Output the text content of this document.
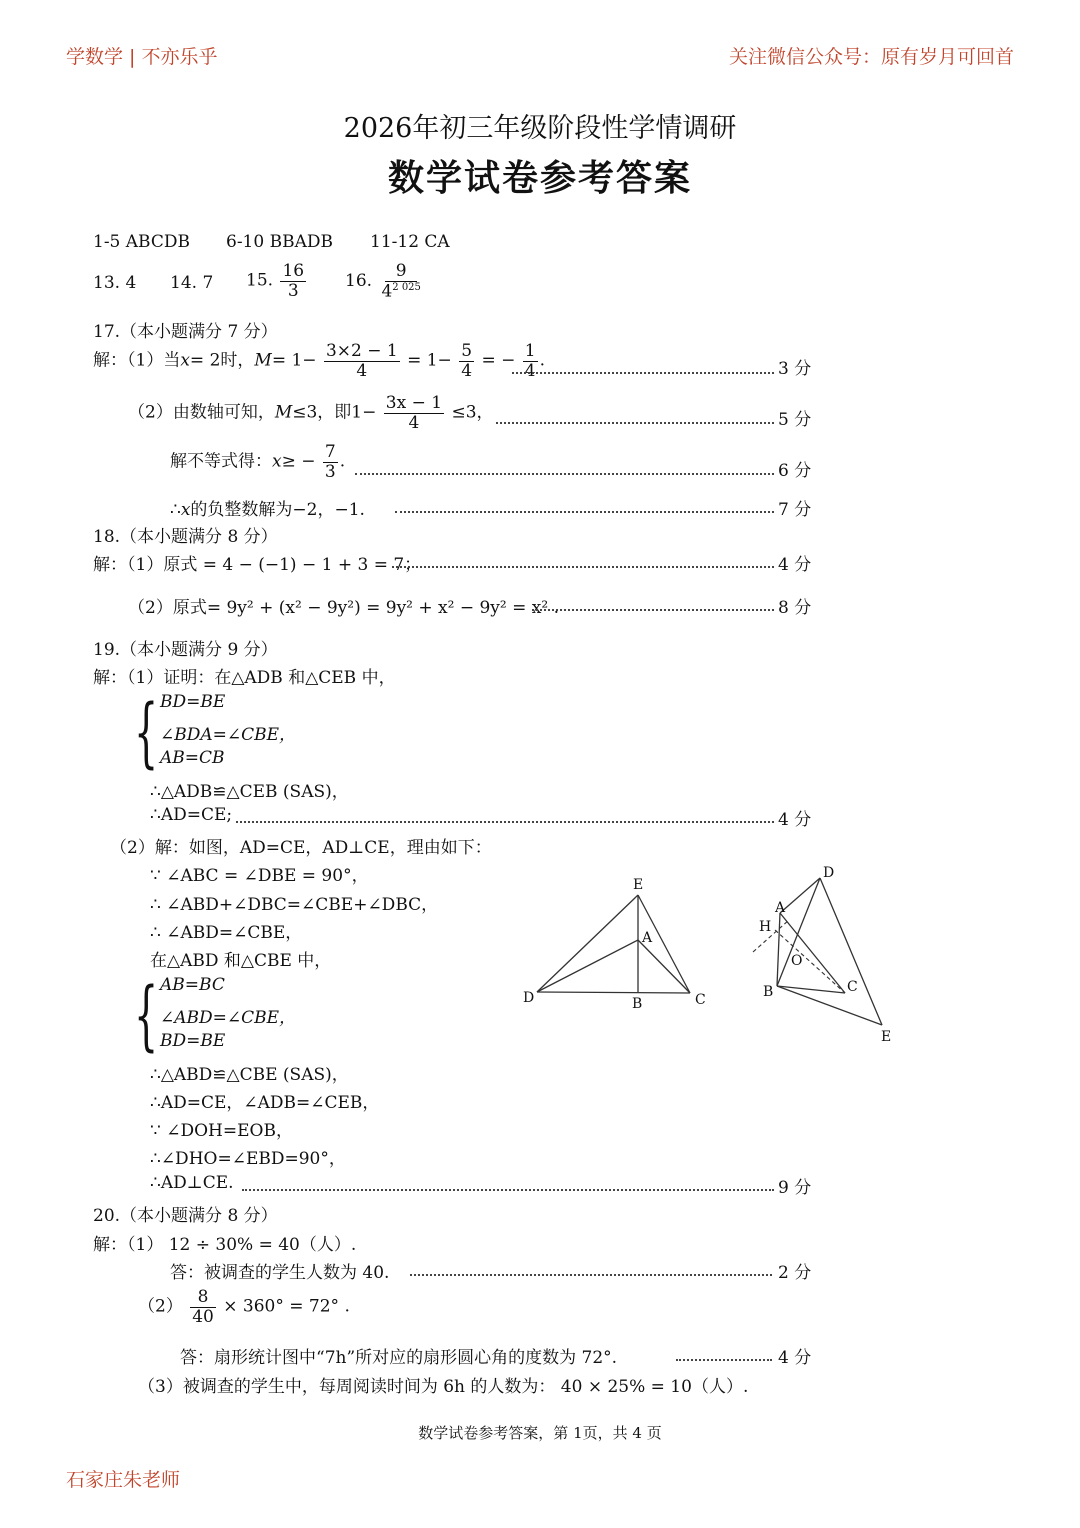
学数学 | 不亦乐乎	关注微信公众号：原有岁月可回首
2026年初三年级阶段性学情调研
数学试卷参考答案
1-5 ABCDB 6-10 BBADB 11-12 CA
13. 4 14. 7 15. $\frac{16}{3} 16$. $\frac{9}{4^{2 025}}$
17.（本小题满分 7 分）
解：（1）当x= 2时，$M= 1- \frac{3\times 2 - 1}{4} = 1- \frac{5}{4}$ = − $\frac{1}{4}$ .	3 分
（2）由数轴可知，M≤3，即$1- \frac{3x - 1}{4} \le 3$，	5 分
解不等式得：$x\ge - \frac{7}{3}$ .	6 分
∴x的负整数解为−2，−1.	7 分
18.（本小题满分 8 分）
解：（1）原式 = 4 − (−1) − 1 + 3 = 7；	4 分
（2）原式= 9y² + (x² − 9y²) = 9y² + x² − 9y² = x² .	8 分
19.（本小题满分 9 分）
解：（1）证明：在△ADB 和△CEB 中，
{ BD=BE
∠BDA=∠CBE，
AB=CB
∴△ADB≌△CEB (SAS)，
∴AD=CE;	4 分
（2）解：如图，AD=CE，AD⊥CE，理由如下：
∵ ∠ABC = ∠DBE = 90°，
∴ ∠ABD+∠DBC=∠CBE+∠DBC，
∴ ∠ABD=∠CBE，
在△ABD 和△CBE 中，
{ AB=BC
∠ABD=∠CBE，
BD=BE
∴△ABD≌△CBE (SAS)，
∴AD=CE，∠ADB=∠CEB，
∵ ∠DOH=EOB，
∴∠DHO=∠EBD=90°，
∴AD⊥CE.	9 分
E
A
D	B	C
D
A
H
O
B	C
E
20.（本小题满分 8 分）
解：（1） 12 ÷ 30% = 40（人）.
答：被调查的学生人数为 40.	2 分
$(2) \frac{8}{40} \times 360^\circ = 72^\circ$ .
答：扇形统计图中“7h”所对应的扇形圆心角的度数为 72°.	4 分
（3）被调查的学生中，每周阅读时间为 6h 的人数为： 40 × 25% = 10（人）.
数学试卷参考答案，第 1页，共 4 页
石家庄朱老师
